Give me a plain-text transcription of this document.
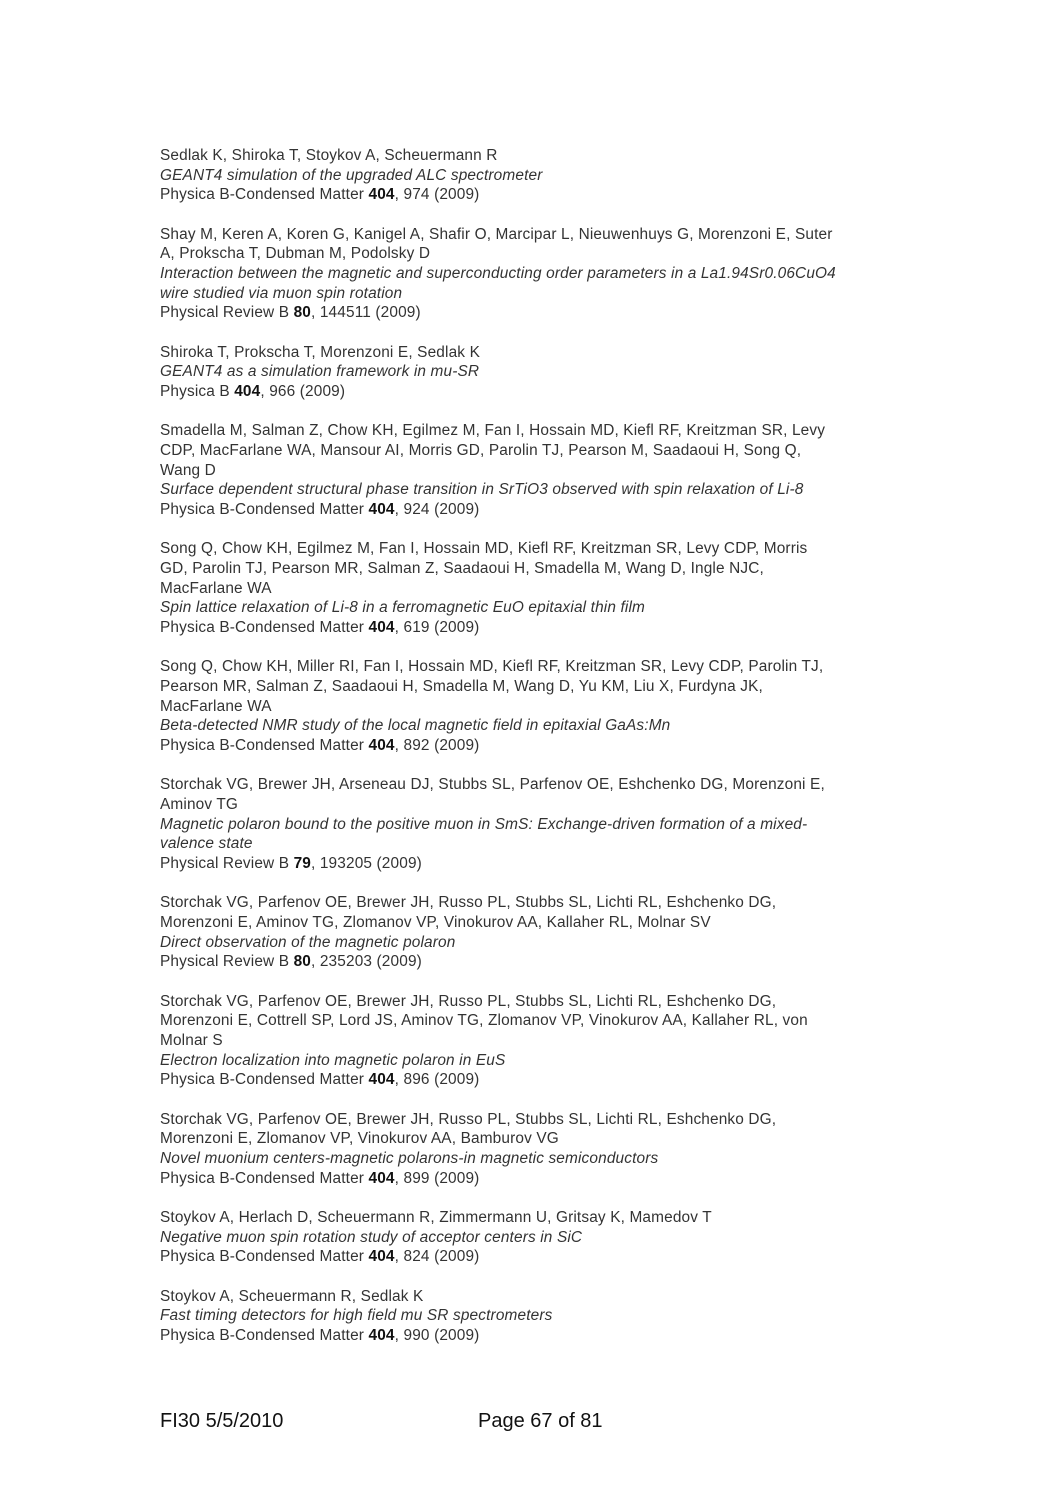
Sedlak K, Shiroka T, Stoykov A, Scheuermann R
GEANT4 simulation of the upgraded ALC spectrometer
Physica B-Condensed Matter 404, 974 (2009)
Shay M, Keren A, Koren G, Kanigel A, Shafir O, Marcipar L, Nieuwenhuys G, Morenzoni E, Suter
A, Prokscha T, Dubman M, Podolsky D
Interaction between the magnetic and superconducting order parameters in a La1.94Sr0.06CuO4
wire studied via muon spin rotation
Physical Review B 80, 144511 (2009)
Shiroka T, Prokscha T, Morenzoni E, Sedlak K
GEANT4 as a simulation framework in mu-SR
Physica B 404, 966 (2009)
Smadella M, Salman Z, Chow KH, Egilmez M, Fan I, Hossain MD, Kiefl RF, Kreitzman SR, Levy
CDP, MacFarlane WA, Mansour AI, Morris GD, Parolin TJ, Pearson M, Saadaoui H, Song Q,
Wang D
Surface dependent structural phase transition in SrTiO3 observed with spin relaxation of Li-8
Physica B-Condensed Matter 404, 924 (2009)
Song Q, Chow KH, Egilmez M, Fan I, Hossain MD, Kiefl RF, Kreitzman SR, Levy CDP, Morris
GD, Parolin TJ, Pearson MR, Salman Z, Saadaoui H, Smadella M, Wang D, Ingle NJC,
MacFarlane WA
Spin lattice relaxation of Li-8 in a ferromagnetic EuO epitaxial thin film
Physica B-Condensed Matter 404, 619 (2009)
Song Q, Chow KH, Miller RI, Fan I, Hossain MD, Kiefl RF, Kreitzman SR, Levy CDP, Parolin TJ,
Pearson MR, Salman Z, Saadaoui H, Smadella M, Wang D, Yu KM, Liu X, Furdyna JK,
MacFarlane WA
Beta-detected NMR study of the local magnetic field in epitaxial GaAs:Mn
Physica B-Condensed Matter 404, 892 (2009)
Storchak VG, Brewer JH, Arseneau DJ, Stubbs SL, Parfenov OE, Eshchenko DG, Morenzoni E,
Aminov TG
Magnetic polaron bound to the positive muon in SmS: Exchange-driven formation of a mixed-
valence state
Physical Review B 79, 193205 (2009)
Storchak VG, Parfenov OE, Brewer JH, Russo PL, Stubbs SL, Lichti RL, Eshchenko DG,
Morenzoni E, Aminov TG, Zlomanov VP, Vinokurov AA, Kallaher RL, Molnar SV
Direct observation of the magnetic polaron
Physical Review B 80, 235203 (2009)
Storchak VG, Parfenov OE, Brewer JH, Russo PL, Stubbs SL, Lichti RL, Eshchenko DG,
Morenzoni E, Cottrell SP, Lord JS, Aminov TG, Zlomanov VP, Vinokurov AA, Kallaher RL, von
Molnar S
Electron localization into magnetic polaron in EuS
Physica B-Condensed Matter 404, 896 (2009)
Storchak VG, Parfenov OE, Brewer JH, Russo PL, Stubbs SL, Lichti RL, Eshchenko DG,
Morenzoni E, Zlomanov VP, Vinokurov AA, Bamburov VG
Novel muonium centers-magnetic polarons-in magnetic semiconductors
Physica B-Condensed Matter 404, 899 (2009)
Stoykov A, Herlach D, Scheuermann R, Zimmermann U, Gritsay K, Mamedov T
Negative muon spin rotation study of acceptor centers in SiC
Physica B-Condensed Matter 404, 824 (2009)
Stoykov A, Scheuermann R, Sedlak K
Fast timing detectors for high field mu SR spectrometers
Physica B-Condensed Matter 404, 990 (2009)
FI30 5/5/2010	Page 67 of 81
